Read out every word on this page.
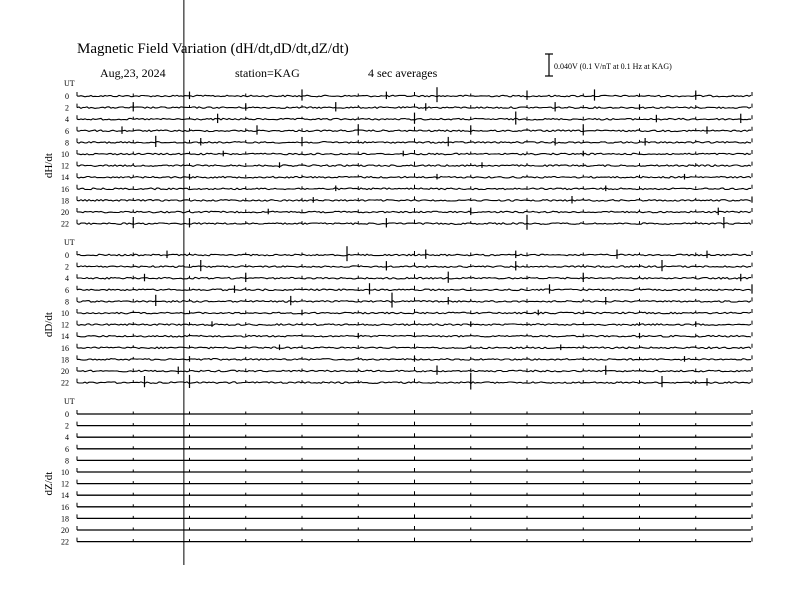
Magnetic Field Variation (dH/dt,dD/dt,dZ/dt)
Aug,23, 2024	station=KAG	4 sec averages	0.040V (0.1 V/nT at 0.1 Hz at KAG)
UT
dH/dt
0
2
4
6
8
10
12
14
16
18
20
22
UT
dD/dt
0
2
4
6
8
10
12
14
16
18
20
22
UT
dZ/dt
0
2
4
6
8
10
12
14
16
18
20
22
